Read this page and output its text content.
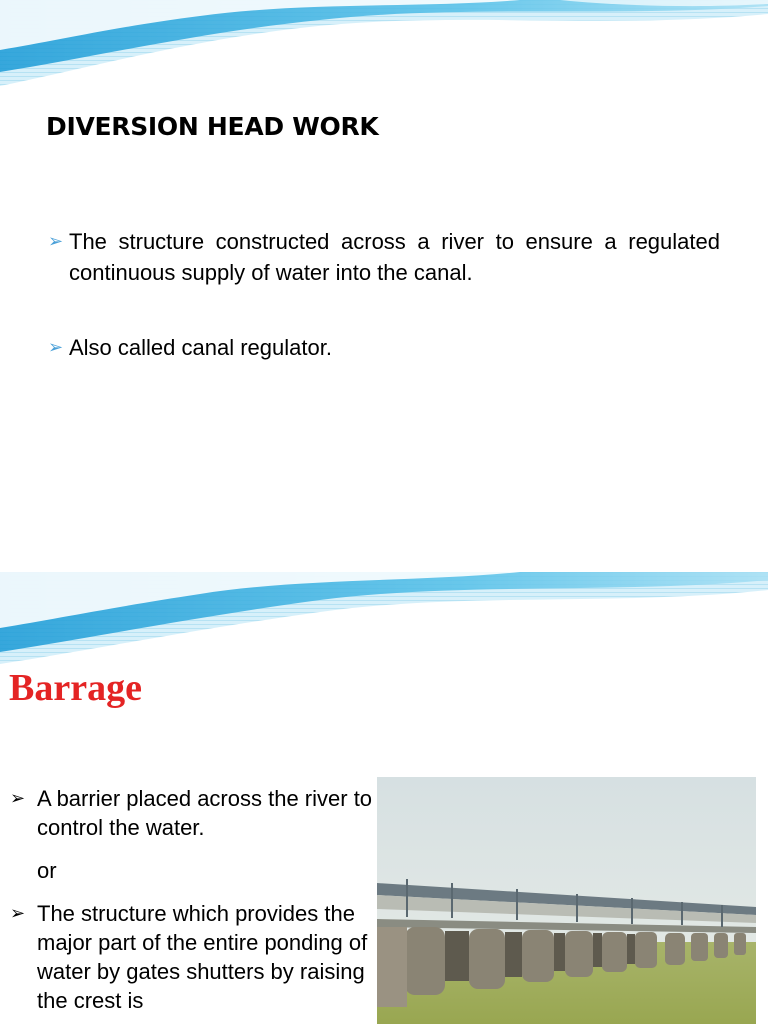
DIVERSION HEAD WORK
➢ The structure constructed across a river to ensure a regulated continuous supply of water into the canal.
➢ Also called canal regulator.
Barrage
➢ A barrier placed across the river to control the water.
or
➢ The structure which provides the major part of the entire ponding of water by gates shutters by raising the crest is
